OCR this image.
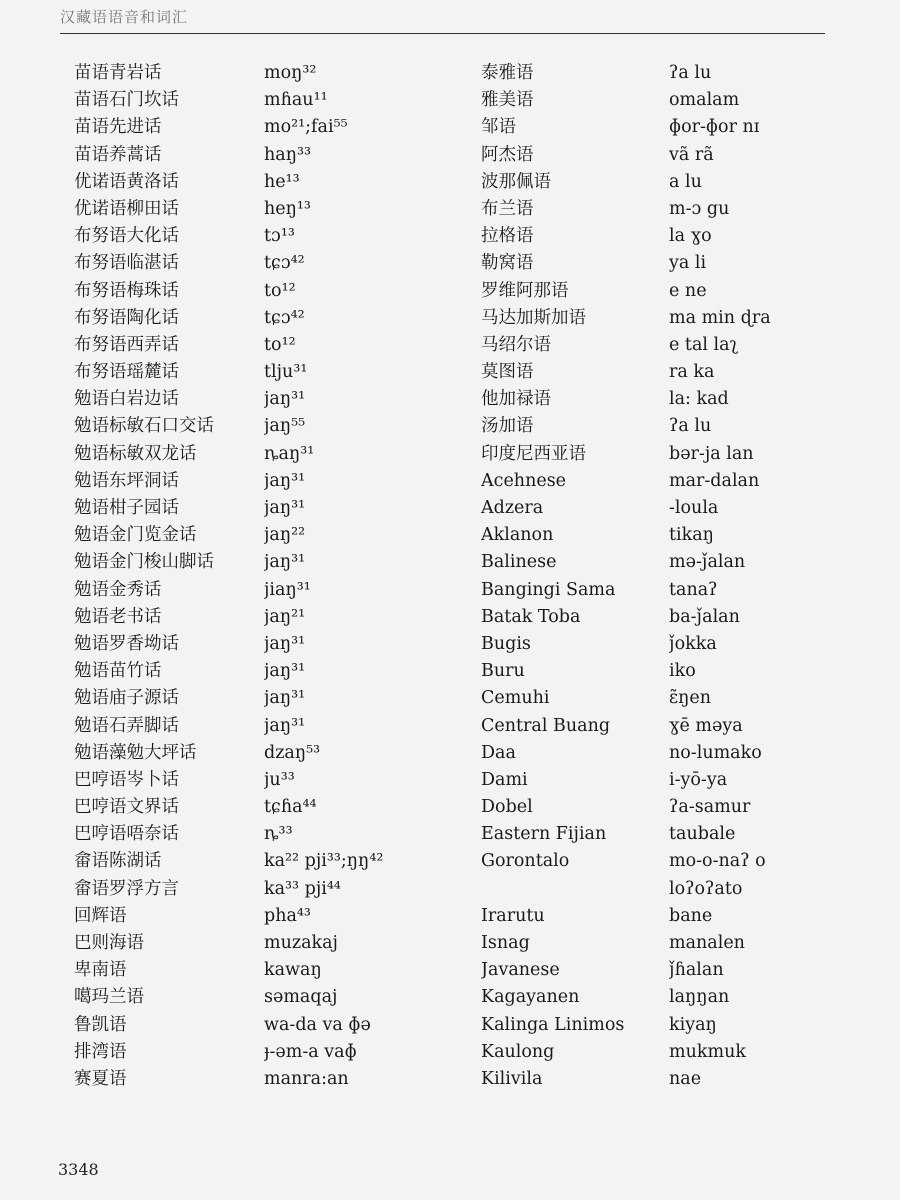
汉藏语语音和词汇
苗语青岩话	moŋ³²
苗语石门坎话	mɦau¹¹
苗语先进话	mo²¹;fai⁵⁵
苗语养蒿话	haŋ³³
优诺语黄洛话	he¹³
优诺语柳田话	heŋ¹³
布努语大化话	tɔ¹³
布努语临湛话	tɕɔ⁴²
布努语梅珠话	to¹²
布努语陶化话	tɕɔ⁴²
布努语西弄话	to¹²
布努语瑶麓话	tlju³¹
勉语白岩边话	jaŋ³¹
勉语标敏石口交话	jaŋ⁵⁵
勉语标敏双龙话	ȵaŋ³¹
勉语东坪洞话	jaŋ³¹
勉语柑子园话	jaŋ³¹
勉语金门览金话	jaŋ²²
勉语金门梭山脚话	jaŋ³¹
勉语金秀话	jiaŋ³¹
勉语老书话	jaŋ²¹
勉语罗香坳话	jaŋ³¹
勉语苗竹话	jaŋ³¹
勉语庙子源话	jaŋ³¹
勉语石弄脚话	jaŋ³¹
勉语藻勉大坪话	dzaŋ⁵³
巴哼语岑卜话	ju³³
巴哼语文界话	tɕɦa⁴⁴
巴哼语唔奈话	ȵ³³
畲语陈湖话	ka²² pji³³;ŋŋ⁴²
畲语罗浮方言	ka³³ pji⁴⁴
回辉语	pha⁴³
巴则海语	muzakaj
卑南语	kawaŋ
噶玛兰语	səmaqaj
鲁凯语	wa-da va ɸə
排湾语	ɟ-əm-a vaɸ
赛夏语	manra:an
泰雅语	ʔa lu
雅美语	omalam
邹语	ɸor-ɸor nɪ
阿杰语	vã rã
波那佩语	a lu
布兰语	m-ɔ gu
拉格语	la ɣo
勒窝语	ya li
罗维阿那语	e ne
马达加斯加语	ma min ɖra
马绍尔语	e tal laʅ
莫图语	ra ka
他加禄语	la: kad
汤加语	ʔa lu
印度尼西亚语	bər-ja lan
Acehnese	mar-dalan
Adzera	-loula
Aklanon	tikaŋ
Balinese	mə-ǰalan
Bangingi Sama	tanaʔ
Batak Toba	ba-ǰalan
Bugis	ǰokka
Buru	iko
Cemuhi	ɛ̃ŋen
Central Buang	ɣē məya
Daa	no-lumako
Dami	i-yō-ya
Dobel	ʔa-samur
Eastern Fijian	taubale
Gorontalo	mo-o-naʔ o
loʔoʔato
Irarutu	bane
Isnag	manalen
Javanese	ǰɦalan
Kagayanen	laŋŋan
Kalinga Linimos	kiyaŋ
Kaulong	mukmuk
Kilivila	nae
3348
